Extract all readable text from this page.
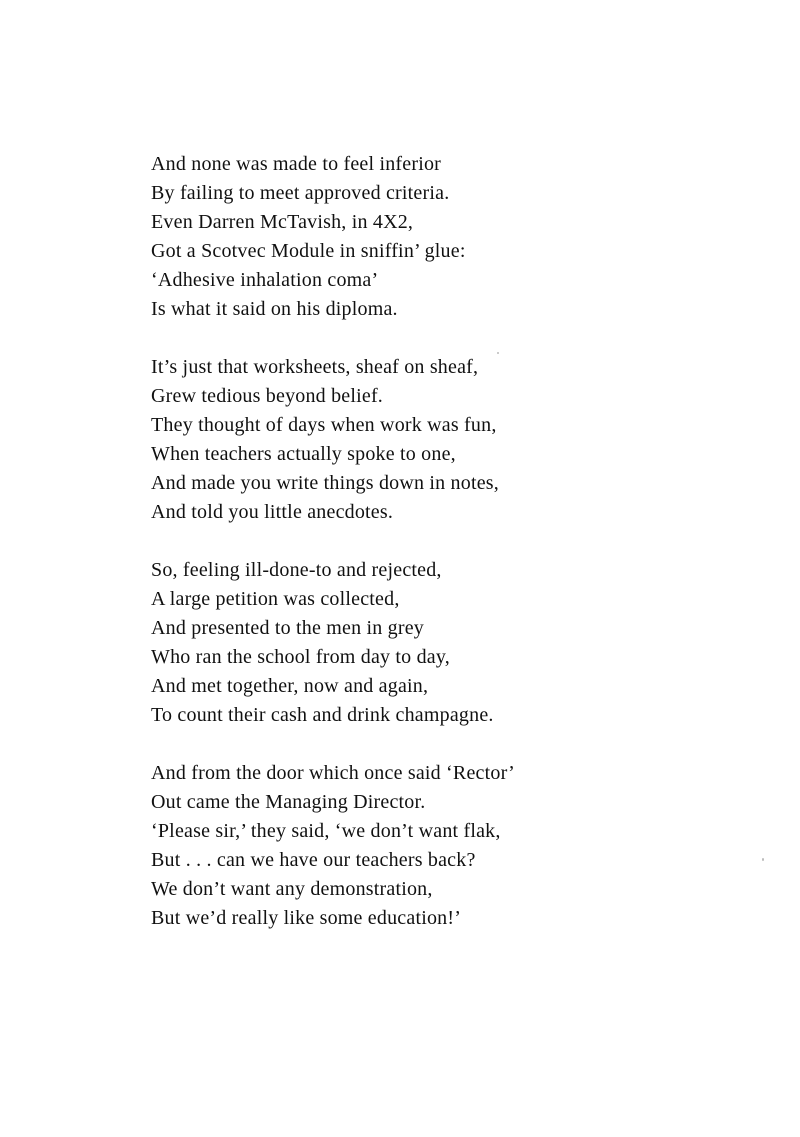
And none was made to feel inferior
By failing to meet approved criteria.
Even Darren McTavish, in 4X2,
Got a Scotvec Module in sniffin’ glue:
‘Adhesive inhalation coma’
Is what it said on his diploma.
It’s just that worksheets, sheaf on sheaf,
Grew tedious beyond belief.
They thought of days when work was fun,
When teachers actually spoke to one,
And made you write things down in notes,
And told you little anecdotes.
So, feeling ill-done-to and rejected,
A large petition was collected,
And presented to the men in grey
Who ran the school from day to day,
And met together, now and again,
To count their cash and drink champagne.
And from the door which once said ‘Rector’
Out came the Managing Director.
‘Please sir,’ they said, ‘we don’t want flak,
But . . . can we have our teachers back?
We don’t want any demonstration,
But we’d really like some education!’
